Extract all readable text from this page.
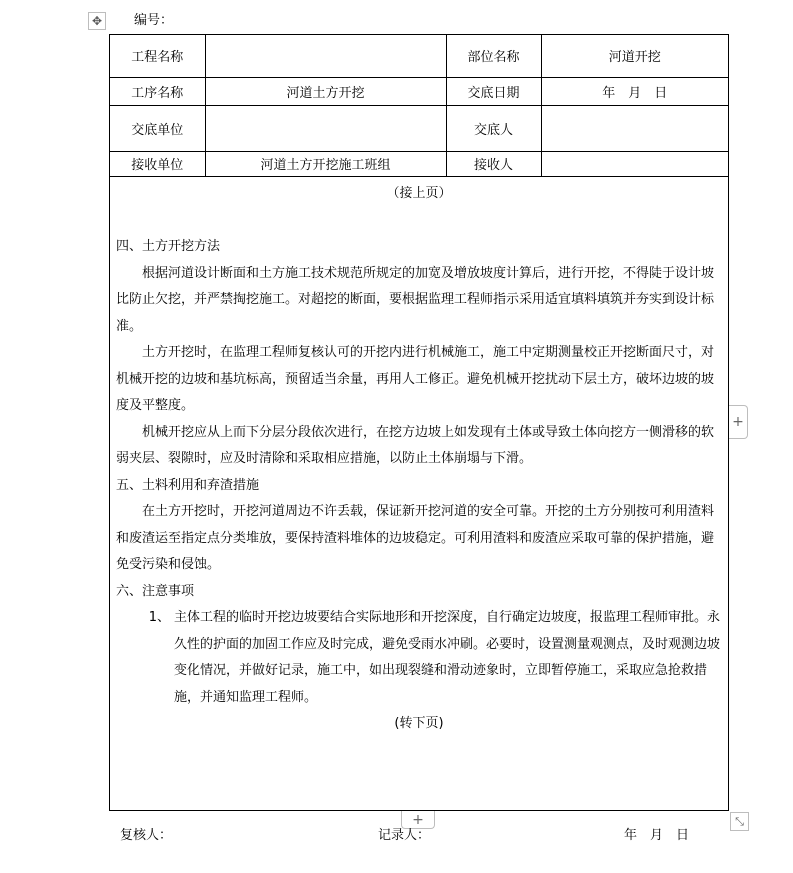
✥ 编号：
工程名称		部位名称	河道开挖
工序名称	河道土方开挖	交底日期	年　月　日
交底单位		交底人	
接收单位	河道土方开挖施工班组	接收人	

（接上页）

四、土方开挖方法

根据河道设计断面和土方施工技术规范所规定的加宽及增放坡度计算后，进行开挖，不得陡于设计坡比防止欠挖，并严禁掏挖施工。对超挖的断面，要根据监理工程师指示采用适宜填料填筑并夯实到设计标准。

土方开挖时，在监理工程师复核认可的开挖内进行机械施工，施工中定期测量校正开挖断面尺寸，对机械开挖的边坡和基坑标高，预留适当余量，再用人工修正。避免机械开挖扰动下层土方，破坏边坡的坡度及平整度。

机械开挖应从上而下分层分段依次进行，在挖方边坡上如发现有土体或导致土体向挖方一侧滑移的软弱夹层、裂隙时，应及时清除和采取相应措施，以防止土体崩塌与下滑。

五、土料利用和弃渣措施

在土方开挖时，开挖河道周边不许丢载，保证新开挖河道的安全可靠。开挖的土方分别按可利用渣料和废渣运至指定点分类堆放，要保持渣料堆体的边坡稳定。可利用渣料和废渣应采取可靠的保护措施，避免受污染和侵蚀。

六、注意事项

1、 主体工程的临时开挖边坡要结合实际地形和开挖深度，自行确定边坡度，报监理工程师审批。永久性的护面的加固工作应及时完成，避免受雨水冲刷。必要时，设置测量观测点，及时观测边坡变化情况，并做好记录，施工中，如出现裂缝和滑动迹象时，立即暂停施工，采取应急抢救措施，并通知监理工程师。

(转下页)

+
+	⤡
复核人：	记录人：	年　月　日
